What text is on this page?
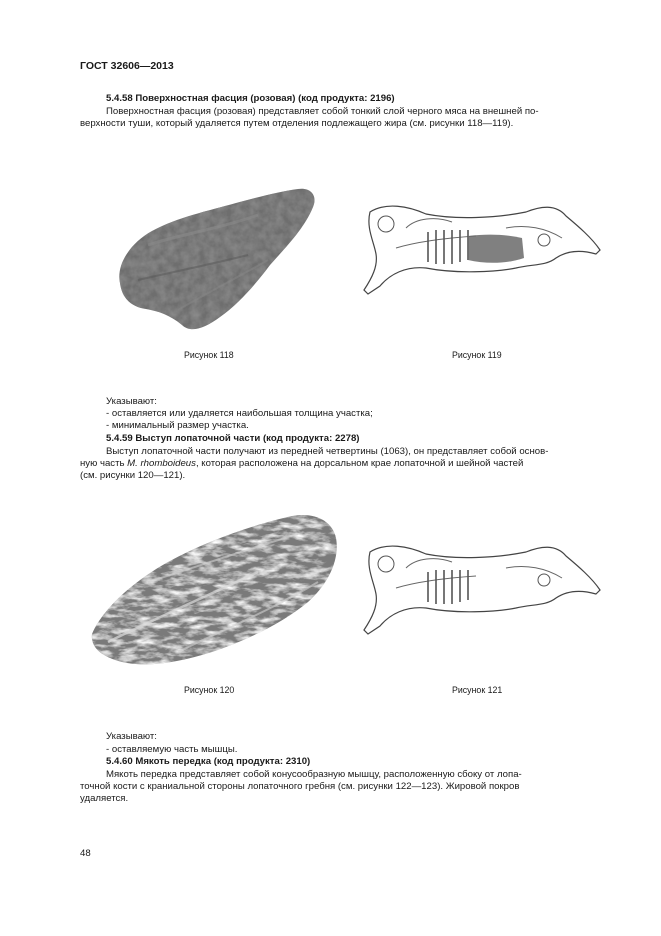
ГОСТ 32606—2013
5.4.58 Поверхностная фасция (розовая) (код продукта: 2196)
Поверхностная фасция (розовая) представляет собой тонкий слой черного мяса на внешней по-
верхности туши, который удаляется путем отделения подлежащего жира (см. рисунки 118—119).
Рисунок 118	Рисунок 119
Указывают:
- оставляется или удаляется наибольшая толщина участка;
- минимальный размер участка.
5.4.59 Выступ лопаточной части (код продукта: 2278)
Выступ лопаточной части получают из передней четвертины (1063), он представляет собой основ-
ную часть M. rhomboideus, которая расположена на дорсальном крае лопаточной и шейной частей
(см. рисунки 120—121).
Рисунок 120	Рисунок 121
Указывают:
- оставляемую часть мышцы.
5.4.60 Мякоть передка (код продукта: 2310)
Мякоть передка представляет собой конусообразную мышцу, расположенную сбоку от лопа-
точной кости с краниальной стороны лопаточного гребня (см. рисунки 122—123). Жировой покров
удаляется.
48
